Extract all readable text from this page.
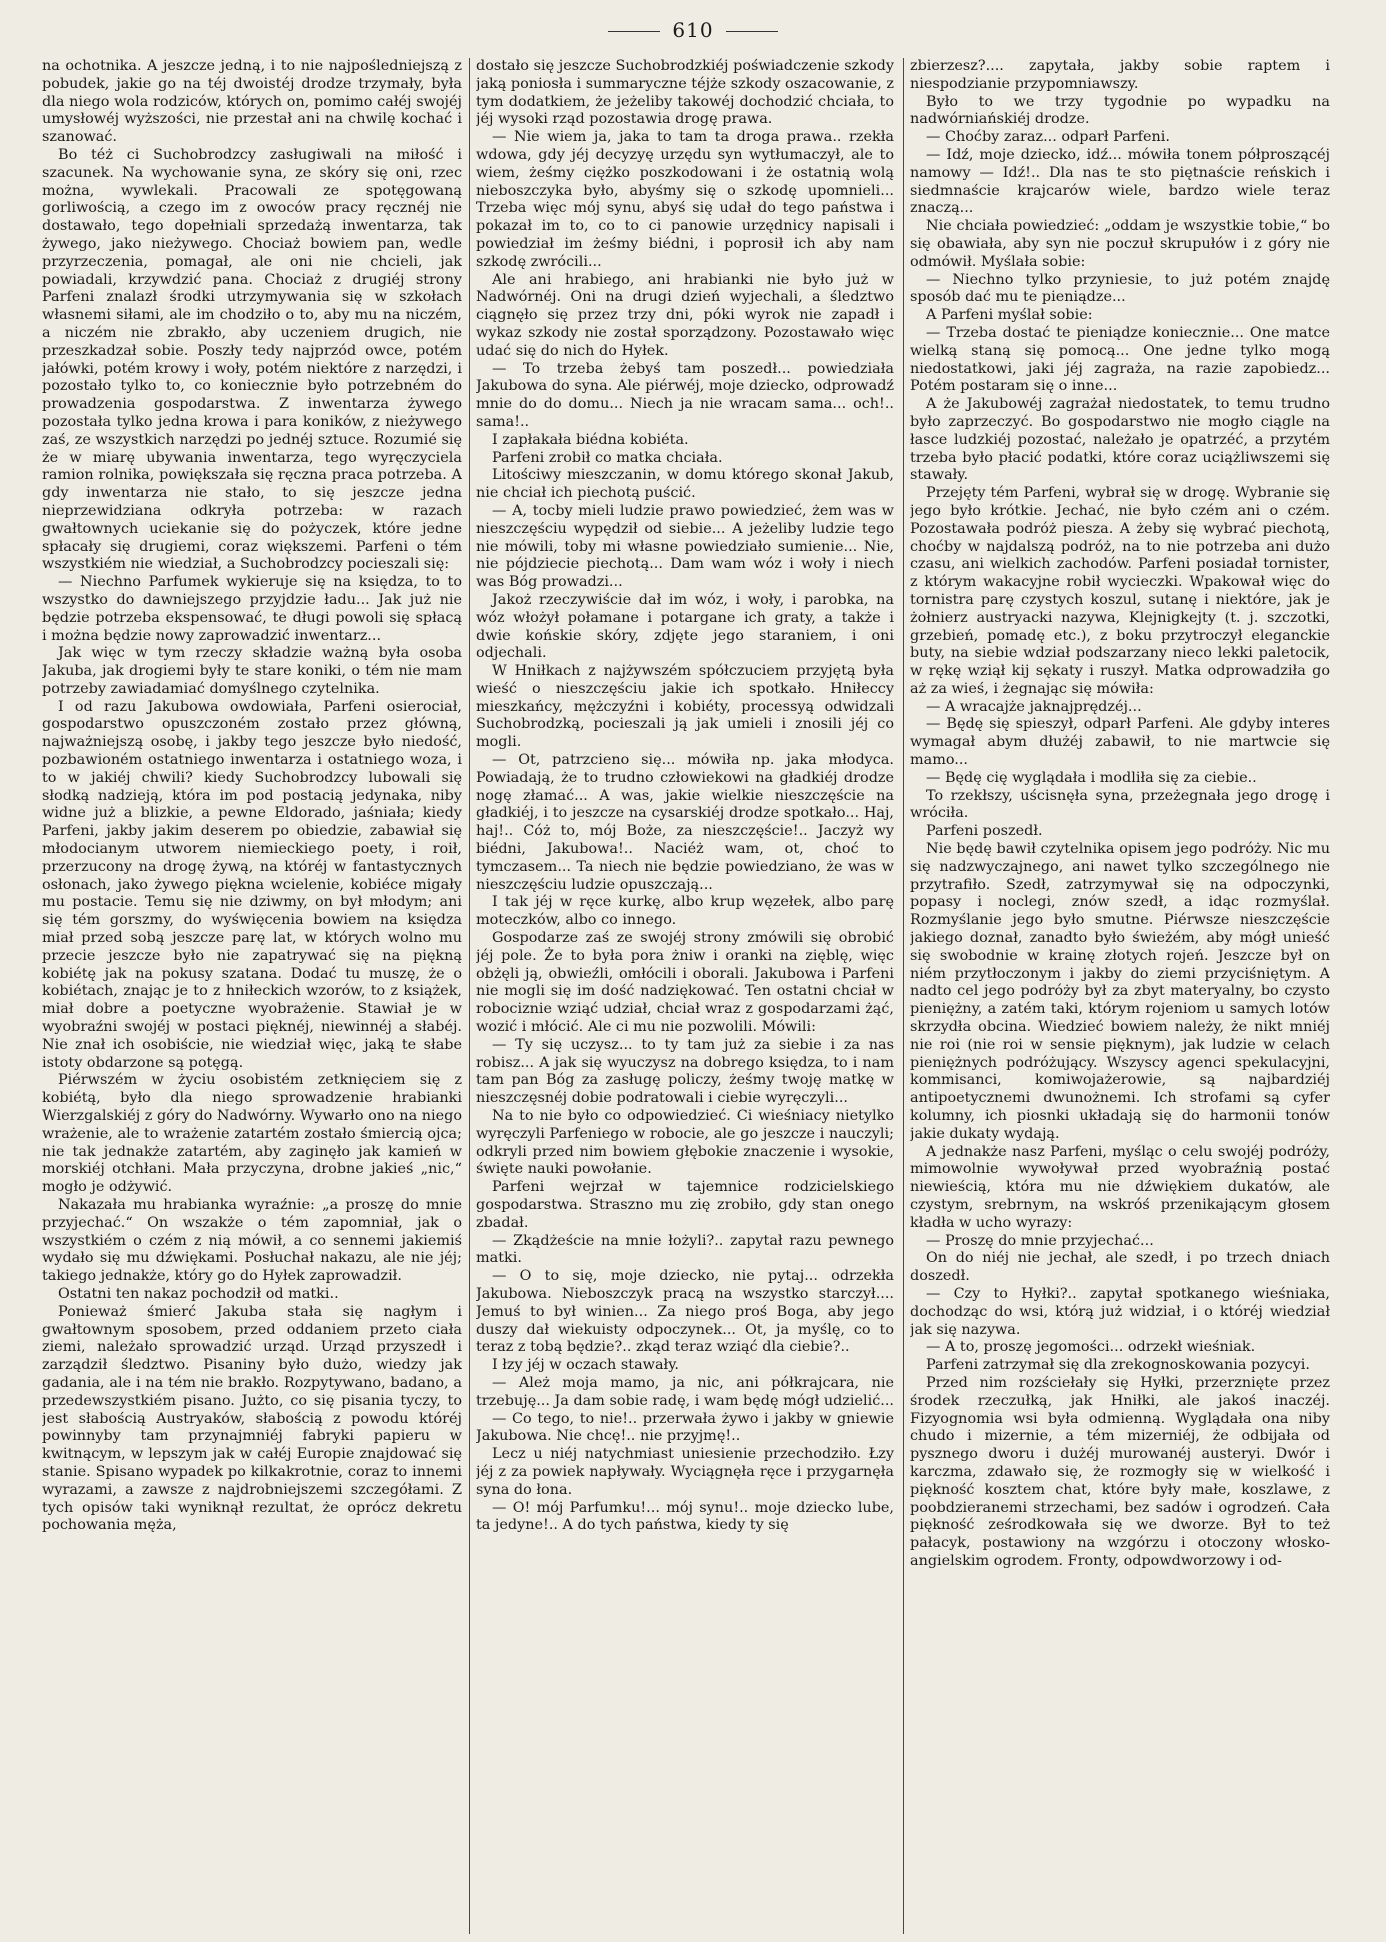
610

na ochotnika. A jeszcze jedną, i to nie najpośledniejszą z pobudek, jakie go na téj dwoistéj drodze trzymały, była dla niego wola rodziców, których on, pomimo całéj swojéj umysłowéj wyższości, nie przestał ani na chwilę kochać i szanować.

Bo téż ci Suchobrodzcy zasługiwali na miłość i szacunek. Na wychowanie syna, ze skóry się oni, rzec można, wywlekali. Pracowali ze spotęgowaną gorliwością, a czego im z owoców pracy ręcznéj nie dostawało, tego dopełniali sprzedażą inwentarza, tak żywego, jako nieżywego. Chociaż bowiem pan, wedle przyrzeczenia, pomagał, ale oni nie chcieli, jak powiadali, krzywdzić pana. Chociaż z drugiéj strony Parfeni znalazł środki utrzymywania się w szkołach własnemi siłami, ale im chodziło o to, aby mu na niczém, a niczém nie zbrakło, aby uczeniem drugich, nie przeszkadzał sobie. Poszły tedy najprzód owce, potém jałówki, potém krowy i woły, potém niektóre z narzędzi, i pozostało tylko to, co koniecznie było potrzebném do prowadzenia gospodarstwa. Z inwentarza żywego pozostała tylko jedna krowa i para koników, z nieżywego zaś, ze wszystkich narzędzi po jednéj sztuce. Rozumié się że w miarę ubywania inwentarza, tego wyręczyciela ramion rolnika, powiększała się ręczna praca potrzeba. A gdy inwentarza nie stało, to się jeszcze jedna nieprzewidziana odkryła potrzeba: w razach gwałtownych uciekanie się do pożyczek, które jedne spłacały się drugiemi, coraz większemi. Parfeni o tém wszystkiém nie wiedział, a Suchobrodzcy pocieszali się:

— Niechno Parfumek wykieruje się na księdza, to to wszystko do dawniejszego przyjdzie ładu... Jak już nie będzie potrzeba ekspensować, te długi powoli się spłacą i można będzie nowy zaprowadzić inwentarz...

Jak więc w tym rzeczy składzie ważną była osoba Jakuba, jak drogiemi były te stare koniki, o tém nie mam potrzeby zawiadamiać domyślnego czytelnika.

I od razu Jakubowa owdowiała, Parfeni osierociał, gospodarstwo opuszczoném zostało przez główną, najważniejszą osobę, i jakby tego jeszcze było niedość, pozbawioném ostatniego inwentarza i ostatniego woza, i to w jakiéj chwili? kiedy Suchobrodzcy lubowali się słodką nadzieją, która im pod postacią jedynaka, niby widne już a blizkie, a pewne Eldorado, jaśniała; kiedy Parfeni, jakby jakim deserem po obiedzie, zabawiał się młodocianym utworem niemieckiego poety, i roił, przerzucony na drogę żywą, na któréj w fantastycznych osłonach, jako żywego piękna wcielenie, kobiéce migały mu postacie. Temu się nie dziwmy, on był młodym; ani się tém gorszmy, do wyświęcenia bowiem na księdza miał przed sobą jeszcze parę lat, w których wolno mu przecie jeszcze było nie zapatrywać się na piękną kobiétę jak na pokusy szatana. Dodać tu muszę, że o kobiétach, znając je to z hniłeckich wzorów, to z książek, miał dobre a poetyczne wyobrażenie. Stawiał je w wyobraźni swojéj w postaci pięknéj, niewinnéj a słabéj. Nie znał ich osobiście, nie wiedział więc, jaką te słabe istoty obdarzone są potęgą.

Piérwszém w życiu osobistém zetknięciem się z kobiétą, było dla niego sprowadzenie hrabianki Wierzgalskiéj z góry do Nadwórny. Wywarło ono na niego wrażenie, ale to wrażenie zatartém zostało śmiercią ojca; nie tak jednakże zatartém, aby zaginęło jak kamień w morskiéj otchłani. Mała przyczyna, drobne jakieś „nic,“ mogło je odżywić.

Nakazała mu hrabianka wyraźnie: „a proszę do mnie przyjechać.“ On wszakże o tém zapomniał, jak o wszystkiém o czém z nią mówił, a co sennemi jakiemiś wydało się mu dźwiękami. Posłuchał nakazu, ale nie jéj; takiego jednakże, który go do Hyłek zaprowadził.

Ostatni ten nakaz pochodził od matki..

Ponieważ śmierć Jakuba stała się nagłym i gwałtownym sposobem, przed oddaniem przeto ciała ziemi, należało sprowadzić urząd. Urząd przyszedł i zarządził śledztwo. Pisaniny było dużo, wiedzy jak gadania, ale i na tém nie brakło. Rozpytywano, badano, a przedewszystkiém pisano. Jużto, co się pisania tyczy, to jest słabością Austryaków, słabością z powodu któréj powinnyby tam przynajmniéj fabryki papieru w kwitnącym, w lepszym jak w całéj Europie znajdować się stanie. Spisano wypadek po kilkakrotnie, coraz to innemi wyrazami, a zawsze z najdrobniejszemi szczegółami. Z tych opisów taki wyniknął rezultat, że oprócz dekretu pochowania męża,

dostało się jeszcze Suchobrodzkiéj poświadczenie szkody jaką poniosła i summaryczne téjże szkody oszacowanie, z tym dodatkiem, że jeżeliby takowéj dochodzić chciała, to jéj wysoki rząd pozostawia drogę prawa.

— Nie wiem ja, jaka to tam ta droga prawa.. rzekła wdowa, gdy jéj decyzyę urzędu syn wytłumaczył, ale to wiem, żeśmy ciężko poszkodowani i że ostatnią wolą nieboszczyka było, abyśmy się o szkodę upomnieli... Trzeba więc mój synu, abyś się udał do tego państwa i pokazał im to, co to ci panowie urzędnicy napisali i powiedział im żeśmy biédni, i poprosił ich aby nam szkodę zwrócili...

Ale ani hrabiego, ani hrabianki nie było już w Nadwórnéj. Oni na drugi dzień wyjechali, a śledztwo ciągnęło się przez trzy dni, póki wyrok nie zapadł i wykaz szkody nie został sporządzony. Pozostawało więc udać się do nich do Hyłek.

— To trzeba żebyś tam poszedł... powiedziała Jakubowa do syna. Ale piérwéj, moje dziecko, odprowadź mnie do do domu... Niech ja nie wracam sama... och!.. sama!..

I zapłakała biédna kobiéta.

Parfeni zrobił co matka chciała.

Litościwy mieszczanin, w domu którego skonał Jakub, nie chciał ich piechotą puścić.

— A, tocby mieli ludzie prawo powiedzieć, żem was w nieszczęściu wypędził od siebie... A jeżeliby ludzie tego nie mówili, toby mi własne powiedziało sumienie... Nie, nie pójdziecie piechotą... Dam wam wóz i woły i niech was Bóg prowadzi...

Jakoż rzeczywiście dał im wóz, i woły, i parobka, na wóz włożył połamane i potargane ich graty, a także i dwie końskie skóry, zdjęte jego staraniem, i oni odjechali.

W Hniłkach z najżywszém spółczuciem przyjętą była wieść o nieszczęściu jakie ich spotkało. Hniłeccy mieszkańcy, mężczyźni i kobiéty, processyą odwidzali Suchobrodzką, pocieszali ją jak umieli i znosili jéj co mogli.

— Ot, patrzcieno się... mówiła np. jaka młodyca. Powiadają, że to trudno człowiekowi na gładkiéj drodze nogę złamać... A was, jakie wielkie nieszczęście na gładkiéj, i to jeszcze na cysarskiéj drodze spotkało... Haj, haj!.. Cóż to, mój Boże, za nieszczęście!.. Jaczyż wy biédni, Jakubowa!.. Naciéż wam, ot, choć to tymczasem... Ta niech nie będzie powiedziano, że was w nieszczęściu ludzie opuszczają...

I tak jéj w ręce kurkę, albo krup węzełek, albo parę moteczków, albo co innego.

Gospodarze zaś ze swojéj strony zmówili się obrobić jéj pole. Że to była pora żniw i oranki na zięblę, więc obżęli ją, obwieźli, omłócili i oborali. Jakubowa i Parfeni nie mogli się im dość nadziękować. Ten ostatni chciał w robociznie wziąć udział, chciał wraz z gospodarzami żąć, wozić i młócić. Ale ci mu nie pozwolili. Mówili:

— Ty się uczysz... to ty tam już za siebie i za nas robisz... A jak się wyuczysz na dobrego księdza, to i nam tam pan Bóg za zasługę policzy, żeśmy twoję matkę w nieszczęsnéj dobie podratowali i ciebie wyręczyli...

Na to nie było co odpowiedzieć. Ci wieśniacy nietylko wyręczyli Parfeniego w robocie, ale go jeszcze i nauczyli; odkryli przed nim bowiem głębokie znaczenie i wysokie, święte nauki powołanie.

Parfeni wejrzał w tajemnice rodzicielskiego gospodarstwa. Straszno mu zię zrobiło, gdy stan onego zbadał.

— Zkądżeście na mnie łożyli?.. zapytał razu pewnego matki.

— O to się, moje dziecko, nie pytaj... odrzekła Jakubowa. Nieboszczyk pracą na wszystko starczył.... Jemuś to był winien... Za niego proś Boga, aby jego duszy dał wiekuisty odpoczynek... Ot, ja myślę, co to teraz z tobą będzie?.. zkąd teraz wziąć dla ciebie?..

I łzy jéj w oczach stawały.

— Ależ moja mamo, ja nic, ani półkrajcara, nie trzebuję... Ja dam sobie radę, i wam będę mógł udzielić...

— Co tego, to nie!.. przerwała żywo i jakby w gniewie Jakubowa. Nie chcę!.. nie przyjmę!..

Lecz u niéj natychmiast uniesienie przechodziło. Łzy jéj z za powiek napływały. Wyciągnęła ręce i przygarnęła syna do łona.

— O! mój Parfumku!... mój synu!.. moje dziecko lube, ta jedyne!.. A do tych państwa, kiedy ty się

zbierzesz?.... zapytała, jakby sobie raptem i niespodzianie przypomniawszy.

Było to we trzy tygodnie po wypadku na nadwórniańskiéj drodze.

— Choćby zaraz... odparł Parfeni.

— Idź, moje dziecko, idź... mówiła tonem półproszącéj namowy — Idź!.. Dla nas te sto piętnaście reńskich i siedmnaście krajcarów wiele, bardzo wiele teraz znaczą...

Nie chciała powiedzieć: „oddam je wszystkie tobie,“ bo się obawiała, aby syn nie poczuł skrupułów i z góry nie odmówił. Myślała sobie:

— Niechno tylko przyniesie, to już potém znajdę sposób dać mu te pieniądze...

A Parfeni myślał sobie:

— Trzeba dostać te pieniądze koniecznie... One matce wielką staną się pomocą... One jedne tylko mogą niedostatkowi, jaki jéj zagraża, na razie zapobiedz... Potém postaram się o inne...

A że Jakubowéj zagrażał niedostatek, to temu trudno było zaprzeczyć. Bo gospodarstwo nie mogło ciągle na łasce ludzkiéj pozostać, należało je opatrzéć, a przytém trzeba było płacić podatki, które coraz uciążliwszemi się stawały.

Przejęty tém Parfeni, wybrał się w drogę. Wybranie się jego było krótkie. Jechać, nie było czém ani o czém. Pozostawała podróż piesza. A żeby się wybrać piechotą, choćby w najdalszą podróż, na to nie potrzeba ani dużo czasu, ani wielkich zachodów. Parfeni posiadał tornister, z którym wakacyjne robił wycieczki. Wpakował więc do tornistra parę czystych koszul, sutanę i niektóre, jak je żołnierz austryacki nazywa, Klejnigkejty (t. j. szczotki, grzebień, pomadę etc.), z boku przytroczył eleganckie buty, na siebie wdział podszarzany nieco lekki paletocik, w rękę wziął kij sękaty i ruszył. Matka odprowadziła go aż za wieś, i żegnając się mówiła:

— A wracajże jaknajprędzéj...

— Będę się spieszył, odparł Parfeni. Ale gdyby interes wymagał abym dłużéj zabawił, to nie martwcie się mamo...

— Będę cię wyglądała i modliła się za ciebie..

To rzekłszy, uścisnęła syna, przeżegnała jego drogę i wróciła.

Parfeni poszedł.

Nie będę bawił czytelnika opisem jego podróży. Nic mu się nadzwyczajnego, ani nawet tylko szczególnego nie przytrafiło. Szedł, zatrzymywał się na odpoczynki, popasy i noclegi, znów szedł, a idąc rozmyślał. Rozmyślanie jego było smutne. Piérwsze nieszczęście jakiego doznał, zanadto było świeżém, aby mógł unieść się swobodnie w krainę złotych rojeń. Jeszcze był on niém przytłoczonym i jakby do ziemi przyciśniętym. A nadto cel jego podróży był za zbyt materyalny, bo czysto pieniężny, a zatém taki, którym rojeniom u samych lotów skrzydła obcina. Wiedzieć bowiem należy, że nikt mniéj nie roi (nie roi w sensie pięknym), jak ludzie w celach pieniężnych podróżujący. Wszyscy agenci spekulacyjni, kommisanci, komiwojażerowie, są najbardziéj antipoetycznemi dwunożnemi. Ich strofami są cyfer kolumny, ich piosnki układają się do harmonii tonów jakie dukaty wydają.

A jednakże nasz Parfeni, myśląc o celu swojéj podróży, mimowolnie wywoływał przed wyobraźnią postać niewieścią, która mu nie dźwiękiem dukatów, ale czystym, srebrnym, na wskróś przenikającym głosem kładła w ucho wyrazy:

— Proszę do mnie przyjechać...

On do niéj nie jechał, ale szedł, i po trzech dniach doszedł.

— Czy to Hyłki?.. zapytał spotkanego wieśniaka, dochodząc do wsi, którą już widział, i o któréj wiedział jak się nazywa.

— A to, proszę jegomości... odrzekł wieśniak.

Parfeni zatrzymał się dla zrekognoskowania pozycyi.

Przed nim rozściełały się Hyłki, przerznięte przez środek rzeczułką, jak Hniłki, ale jakoś inaczéj. Fizyognomia wsi była odmienną. Wyglądała ona niby chudo i mizernie, a tém mizerniéj, że odbijała od pysznego dworu i dużéj murowanéj austeryi. Dwór i karczma, zdawało się, że rozmogły się w wielkość i piękność kosztem chat, które były małe, koszlawe, z poobdzieranemi strzechami, bez sadów i ogrodzeń. Cała piękność ześrodkowała się we dworze. Był to też pałacyk, postawiony na wzgórzu i otoczony włosko-angielskim ogrodem. Fronty, odpowdworzowy i od-
